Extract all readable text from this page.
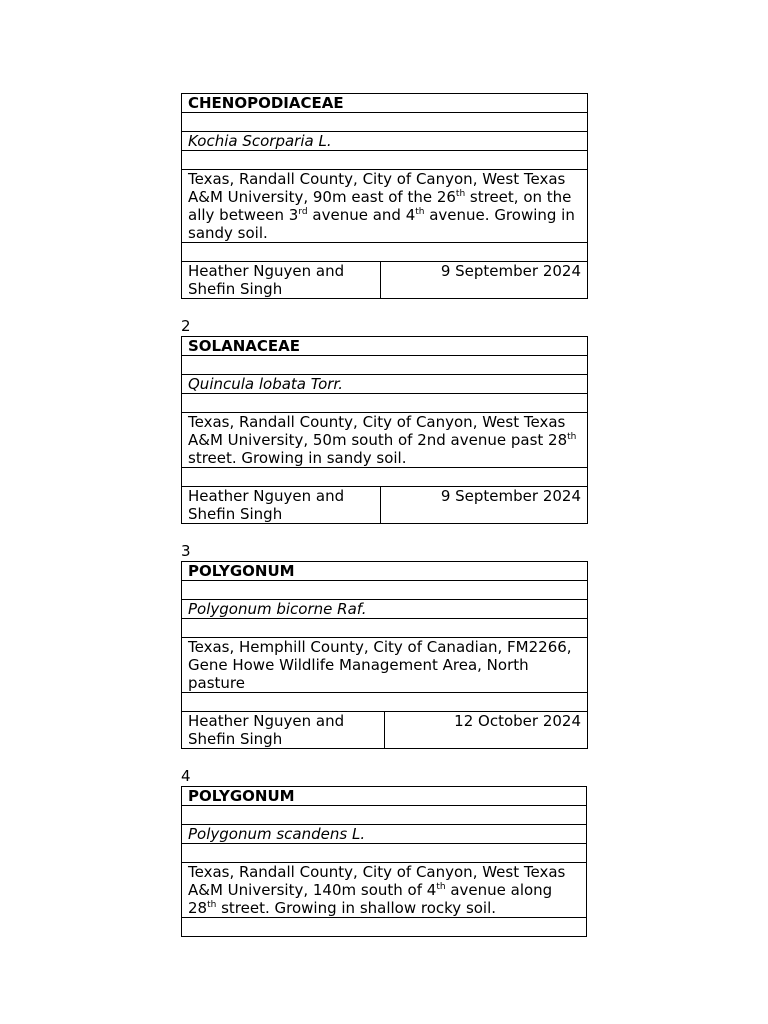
CHENOPODIACEAE

Kochia Scorparia L.

Texas, Randall County, City of Canyon, West Texas A&M University, 90m east of the 26th street, on the ally between 3rd avenue and 4th avenue. Growing in sandy soil.

Heather Nguyen and Shefin Singh	9 September 2024
2
SOLANACEAE

Quincula lobata Torr.

Texas, Randall County, City of Canyon, West Texas A&M University, 50m south of 2nd avenue past 28th street. Growing in sandy soil.

Heather Nguyen and Shefin Singh	9 September 2024
3
POLYGONUM

Polygonum bicorne Raf.

Texas, Hemphill County, City of Canadian, FM2266, Gene Howe Wildlife Management Area, North pasture

Heather Nguyen and Shefin Singh	12 October 2024
4
POLYGONUM

Polygonum scandens L.

Texas, Randall County, City of Canyon, West Texas A&M University, 140m south of 4th avenue along 28th street. Growing in shallow rocky soil.
